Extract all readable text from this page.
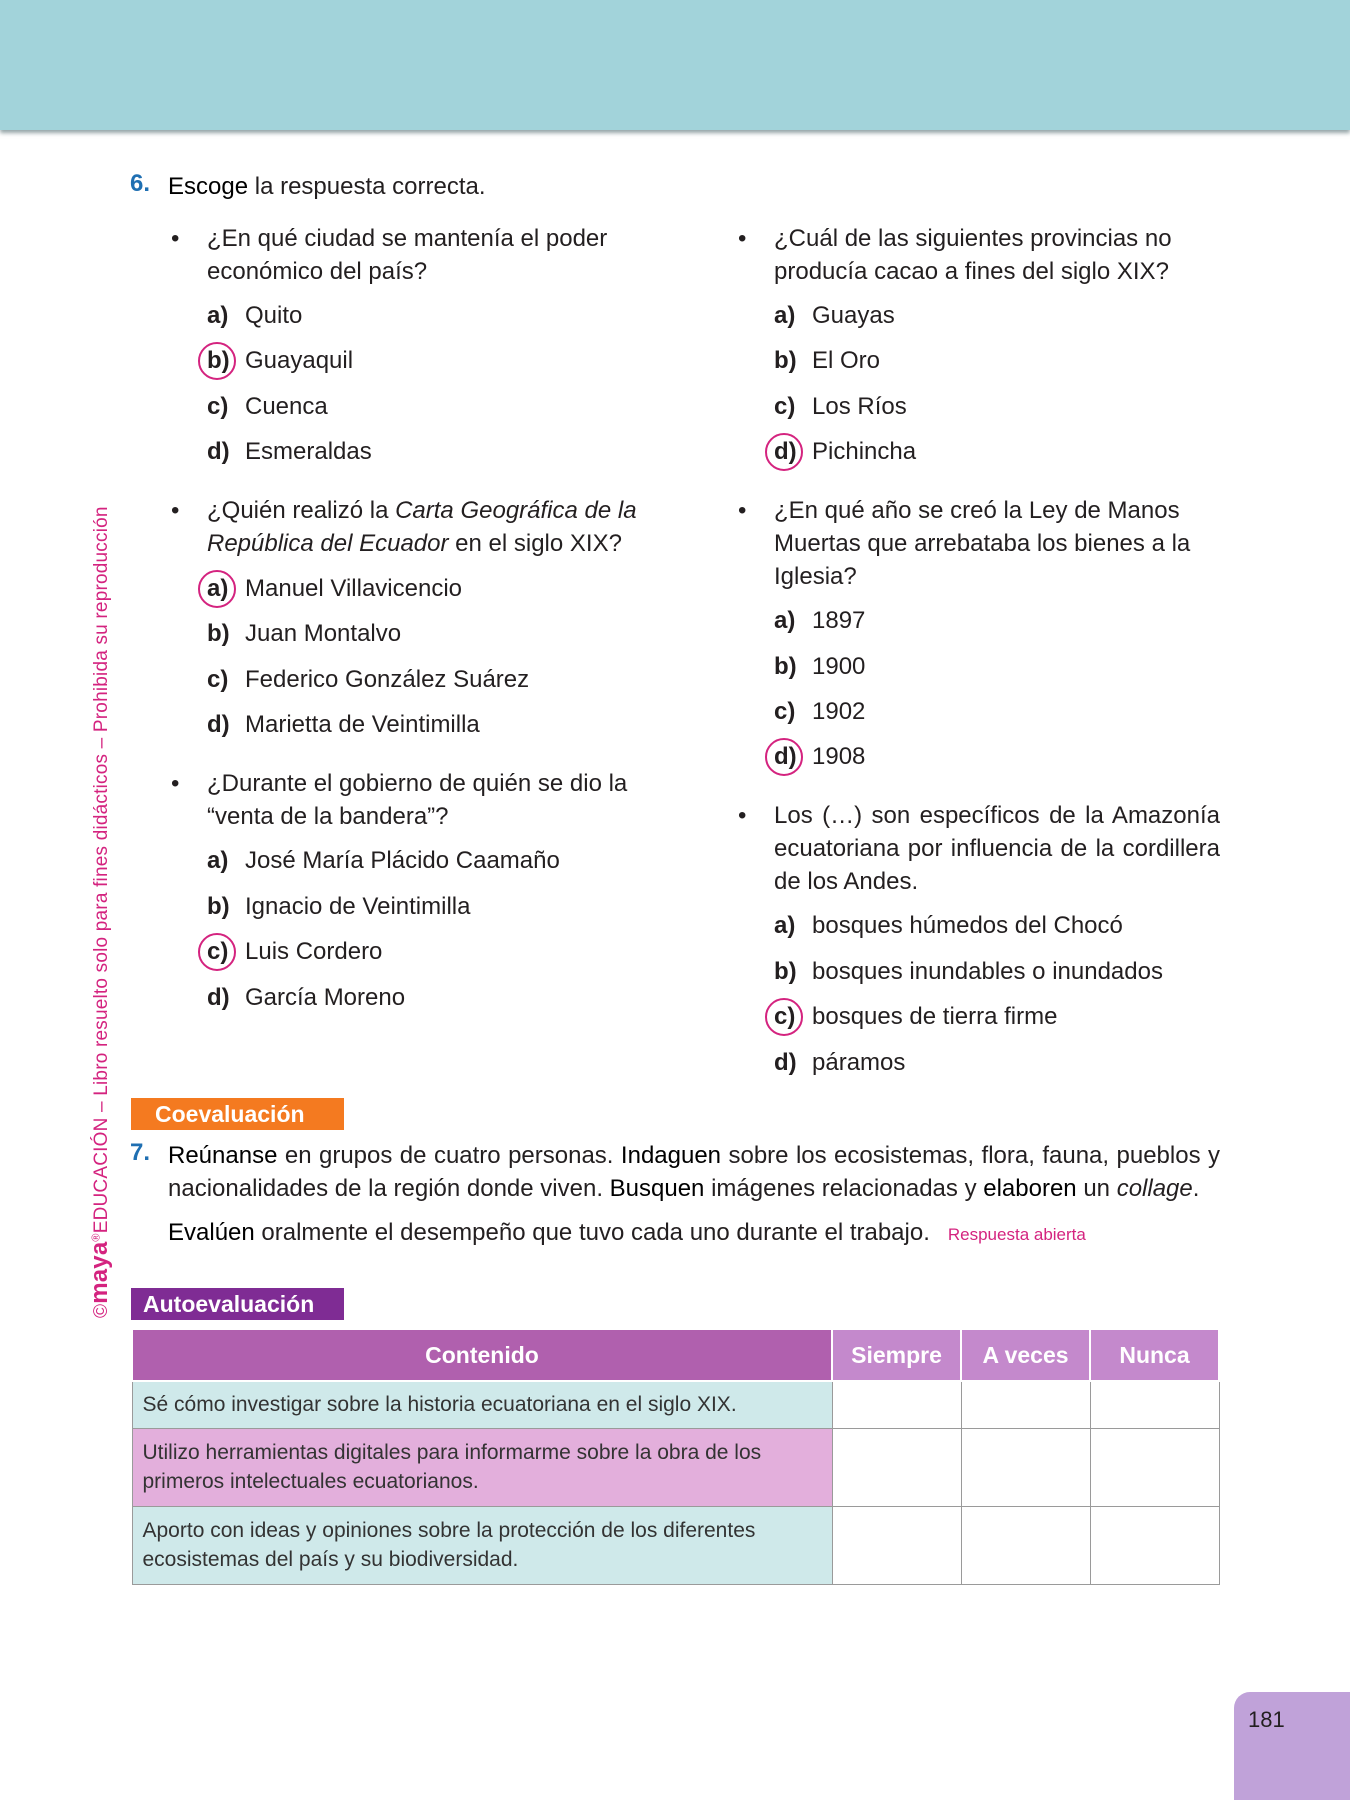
©maya®EDUCACIÓN – Libro resuelto solo para fines didácticos – Prohibida su reproducción
6. Escoge la respuesta correcta.
• ¿En qué ciudad se mantenía el poder económico del país?
a) Quito
b) Guayaquil
c) Cuenca
d) Esmeraldas
• ¿Quién realizó la Carta Geográfica de la República del Ecuador en el siglo XIX?
a) Manuel Villavicencio
b) Juan Montalvo
c) Federico González Suárez
d) Marietta de Veintimilla
• ¿Durante el gobierno de quién se dio la “venta de la bandera”?
a) José María Plácido Caamaño
b) Ignacio de Veintimilla
c) Luis Cordero
d) García Moreno
• ¿Cuál de las siguientes provincias no producía cacao a fines del siglo XIX?
a) Guayas
b) El Oro
c) Los Ríos
d) Pichincha
• ¿En qué año se creó la Ley de Manos Muertas que arrebataba los bienes a la Iglesia?
a) 1897
b) 1900
c) 1902
d) 1908
• Los (…) son específicos de la Amazonía ecuatoriana por influencia de la cordillera de los Andes.
a) bosques húmedos del Chocó
b) bosques inundables o inundados
c) bosques de tierra firme
d) páramos
Coevaluación
7. Reúnanse en grupos de cuatro personas. Indaguen sobre los ecosistemas, flora, fauna, pueblos y nacionalidades de la región donde viven. Busquen imágenes relacionadas y elaboren un collage.
Evalúen oralmente el desempeño que tuvo cada uno durante el trabajo. Respuesta abierta
Autoevaluación
Contenido	Siempre	A veces	Nunca
Sé cómo investigar sobre la historia ecuatoriana en el siglo XIX.			
Utilizo herramientas digitales para informarme sobre la obra de los primeros intelectuales ecuatorianos.			
Aporto con ideas y opiniones sobre la protección de los diferentes ecosistemas del país y su biodiversidad.			
181
